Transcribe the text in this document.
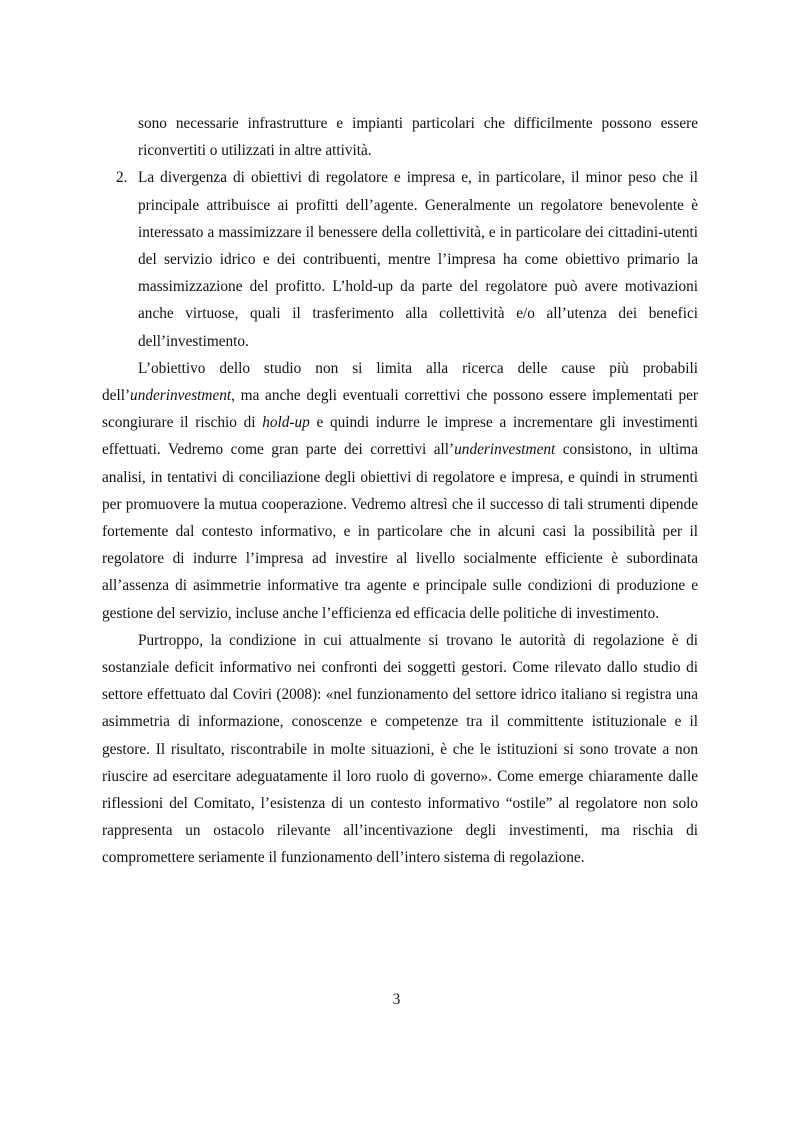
sono necessarie infrastrutture e impianti particolari che difficilmente possono essere riconvertiti o utilizzati in altre attività.

2. La divergenza di obiettivi di regolatore e impresa e, in particolare, il minor peso che il principale attribuisce ai profitti dell’agente. Generalmente un regolatore benevolente è interessato a massimizzare il benessere della collettività, e in particolare dei cittadini-utenti del servizio idrico e dei contribuenti, mentre l’impresa ha come obiettivo primario la massimizzazione del profitto. L’hold-up da parte del regolatore può avere motivazioni anche virtuose, quali il trasferimento alla collettività e/o all’utenza dei benefici dell’investimento.

L’obiettivo dello studio non si limita alla ricerca delle cause più probabili dell’underinvestment, ma anche degli eventuali correttivi che possono essere implementati per scongiurare il rischio di hold-up e quindi indurre le imprese a incrementare gli investimenti effettuati. Vedremo come gran parte dei correttivi all’underinvestment consistono, in ultima analisi, in tentativi di conciliazione degli obiettivi di regolatore e impresa, e quindi in strumenti per promuovere la mutua cooperazione. Vedremo altresì che il successo di tali strumenti dipende fortemente dal contesto informativo, e in particolare che in alcuni casi la possibilità per il regolatore di indurre l’impresa ad investire al livello socialmente efficiente è subordinata all’assenza di asimmetrie informative tra agente e principale sulle condizioni di produzione e gestione del servizio, incluse anche l’efficienza ed efficacia delle politiche di investimento.

Purtroppo, la condizione in cui attualmente si trovano le autorità di regolazione è di sostanziale deficit informativo nei confronti dei soggetti gestori. Come rilevato dallo studio di settore effettuato dal Coviri (2008): «nel funzionamento del settore idrico italiano si registra una asimmetria di informazione, conoscenze e competenze tra il committente istituzionale e il gestore. Il risultato, riscontrabile in molte situazioni, è che le istituzioni si sono trovate a non riuscire ad esercitare adeguatamente il loro ruolo di governo». Come emerge chiaramente dalle riflessioni del Comitato, l’esistenza di un contesto informativo “ostile” al regolatore non solo rappresenta un ostacolo rilevante all’incentivazione degli investimenti, ma rischia di compromettere seriamente il funzionamento dell’intero sistema di regolazione.

3
